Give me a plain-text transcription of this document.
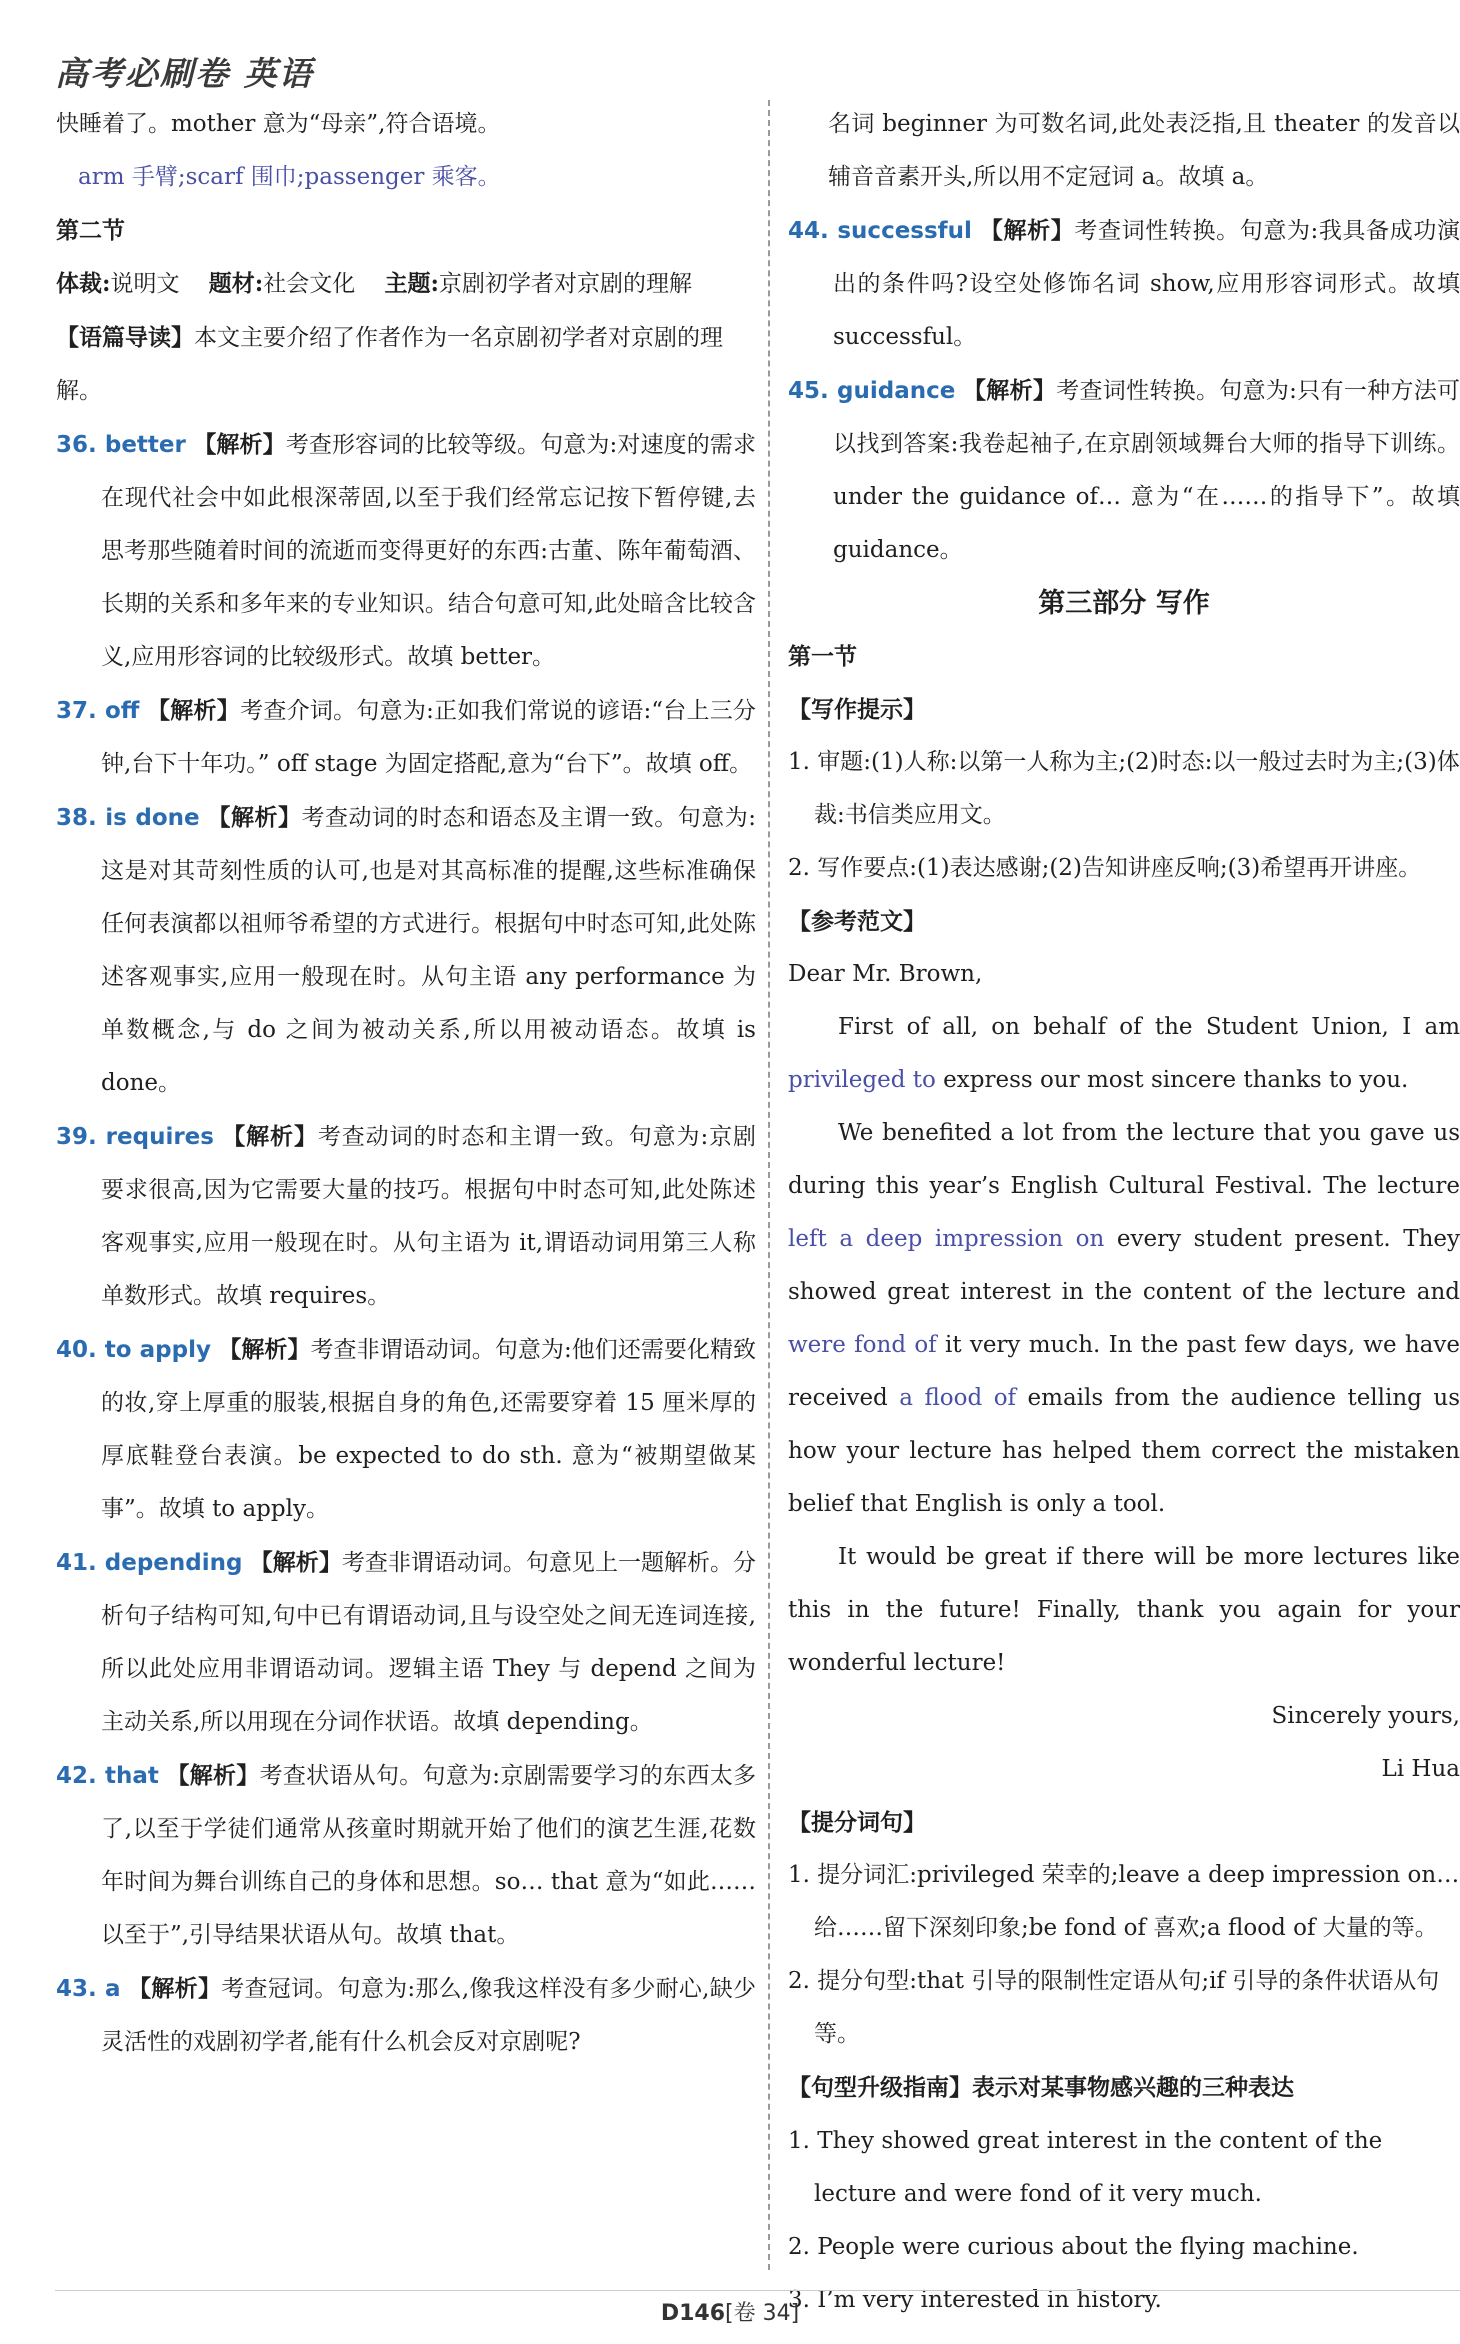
高考必刷卷 英语

快睡着了。mother 意为“母亲”,符合语境。

arm 手臂;scarf 围巾;passenger 乘客。

第二节

体裁:说明文 题材:社会文化 主题:京剧初学者对京剧的理解

【语篇导读】本文主要介绍了作者作为一名京剧初学者对京剧的理解。

36. better 【解析】考查形容词的比较等级。句意为:对速度的需求在现代社会中如此根深蒂固,以至于我们经常忘记按下暂停键,去思考那些随着时间的流逝而变得更好的东西:古董、陈年葡萄酒、长期的关系和多年来的专业知识。结合句意可知,此处暗含比较含义,应用形容词的比较级形式。故填 better。

37. off 【解析】考查介词。句意为:正如我们常说的谚语:“台上三分钟,台下十年功。” off stage 为固定搭配,意为“台下”。故填 off。

38. is done 【解析】考查动词的时态和语态及主谓一致。句意为:这是对其苛刻性质的认可,也是对其高标准的提醒,这些标准确保任何表演都以祖师爷希望的方式进行。根据句中时态可知,此处陈述客观事实,应用一般现在时。从句主语 any performance 为单数概念,与 do 之间为被动关系,所以用被动语态。故填 is done。

39. requires 【解析】考查动词的时态和主谓一致。句意为:京剧要求很高,因为它需要大量的技巧。根据句中时态可知,此处陈述客观事实,应用一般现在时。从句主语为 it,谓语动词用第三人称单数形式。故填 requires。

40. to apply 【解析】考查非谓语动词。句意为:他们还需要化精致的妆,穿上厚重的服装,根据自身的角色,还需要穿着 15 厘米厚的厚底鞋登台表演。be expected to do sth. 意为“被期望做某事”。故填 to apply。

41. depending 【解析】考查非谓语动词。句意见上一题解析。分析句子结构可知,句中已有谓语动词,且与设空处之间无连词连接,所以此处应用非谓语动词。逻辑主语 They 与 depend 之间为主动关系,所以用现在分词作状语。故填 depending。

42. that 【解析】考查状语从句。句意为:京剧需要学习的东西太多了,以至于学徒们通常从孩童时期就开始了他们的演艺生涯,花数年时间为舞台训练自己的身体和思想。so… that 意为“如此……以至于”,引导结果状语从句。故填 that。

43. a 【解析】考查冠词。句意为:那么,像我这样没有多少耐心,缺少灵活性的戏剧初学者,能有什么机会反对京剧呢?

名词 beginner 为可数名词,此处表泛指,且 theater 的发音以辅音音素开头,所以用不定冠词 a。故填 a。

44. successful 【解析】考查词性转换。句意为:我具备成功演出的条件吗?设空处修饰名词 show,应用形容词形式。故填 successful。

45. guidance 【解析】考查词性转换。句意为:只有一种方法可以找到答案:我卷起袖子,在京剧领域舞台大师的指导下训练。under the guidance of… 意为“在……的指导下”。故填 guidance。

第三部分 写作

第一节

【写作提示】

1. 审题:(1)人称:以第一人称为主;(2)时态:以一般过去时为主;(3)体裁:书信类应用文。

2. 写作要点:(1)表达感谢;(2)告知讲座反响;(3)希望再开讲座。

【参考范文】

Dear Mr. Brown,

First of all, on behalf of the Student Union, I am privileged to express our most sincere thanks to you.

We benefited a lot from the lecture that you gave us during this year’s English Cultural Festival. The lecture left a deep impression on every student present. They showed great interest in the content of the lecture and were fond of it very much. In the past few days, we have received a flood of emails from the audience telling us how your lecture has helped them correct the mistaken belief that English is only a tool.

It would be great if there will be more lectures like this in the future! Finally, thank you again for your wonderful lecture!

Sincerely yours,

Li Hua

【提分词句】

1. 提分词汇:privileged 荣幸的;leave a deep impression on… 给……留下深刻印象;be fond of 喜欢;a flood of 大量的等。

2. 提分句型:that 引导的限制性定语从句;if 引导的条件状语从句等。

【句型升级指南】表示对某事物感兴趣的三种表达

1. They showed great interest in the content of the lecture and were fond of it very much.

2. People were curious about the flying machine.

3. I’m very interested in history.

D146[卷 34]
